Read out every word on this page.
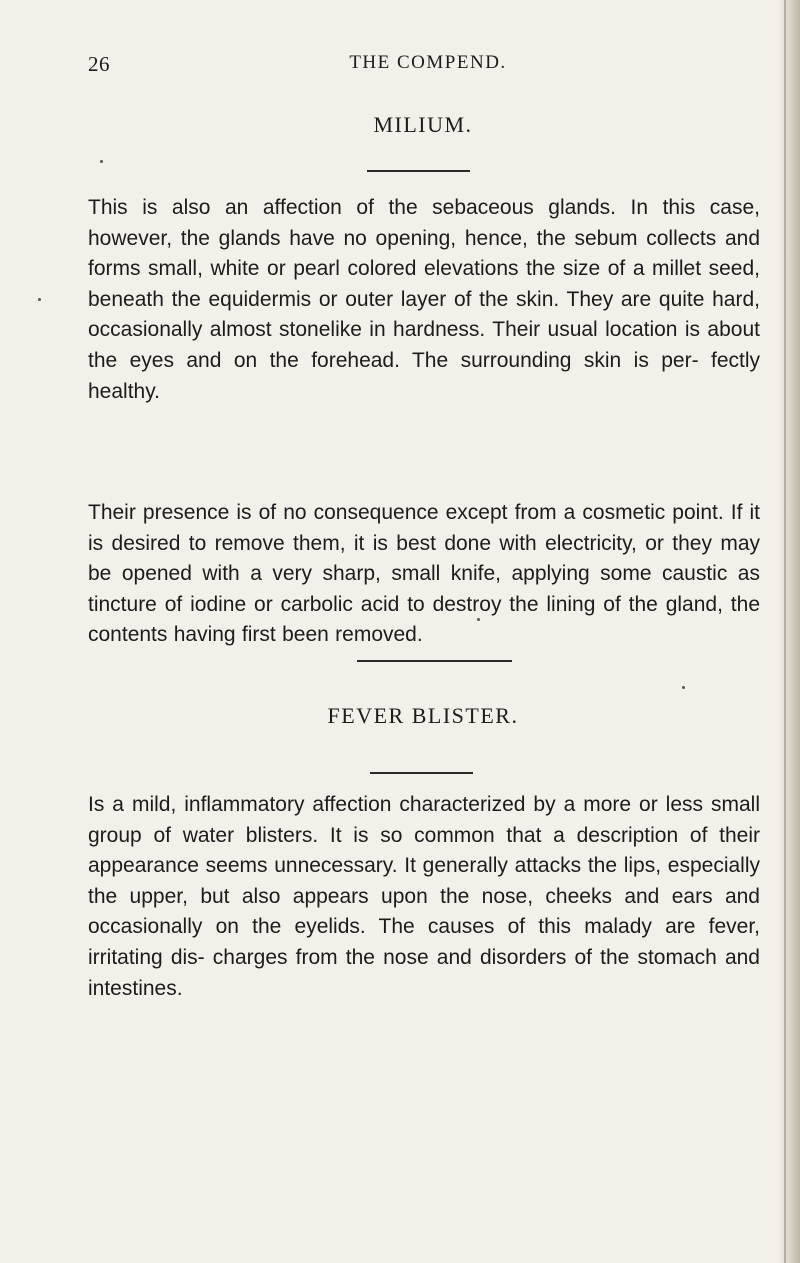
26	THE COMPEND.
MILIUM.

This is also an affection of the sebaceous glands. In this case, however, the glands have no opening, hence, the sebum collects and forms small, white or pearl colored elevations the size of a millet seed, beneath the equidermis or outer layer of the skin. They are quite hard, occasionally almost stonelike in hardness. Their usual location is about the eyes and on the forehead. The surrounding skin is per- fectly healthy.

Their presence is of no consequence except from a cosmetic point. If it is desired to remove them, it is best done with electricity, or they may be opened with a very sharp, small knife, applying some caustic as tincture of iodine or carbolic acid to destroy the lining of the gland, the contents having first been removed.

FEVER BLISTER.

Is a mild, inflammatory affection characterized by a more or less small group of water blisters. It is so common that a description of their appearance seems unnecessary. It generally attacks the lips, especially the upper, but also appears upon the nose, cheeks and ears and occasionally on the eyelids. The causes of this malady are fever, irritating dis- charges from the nose and disorders of the stomach and intestines.
